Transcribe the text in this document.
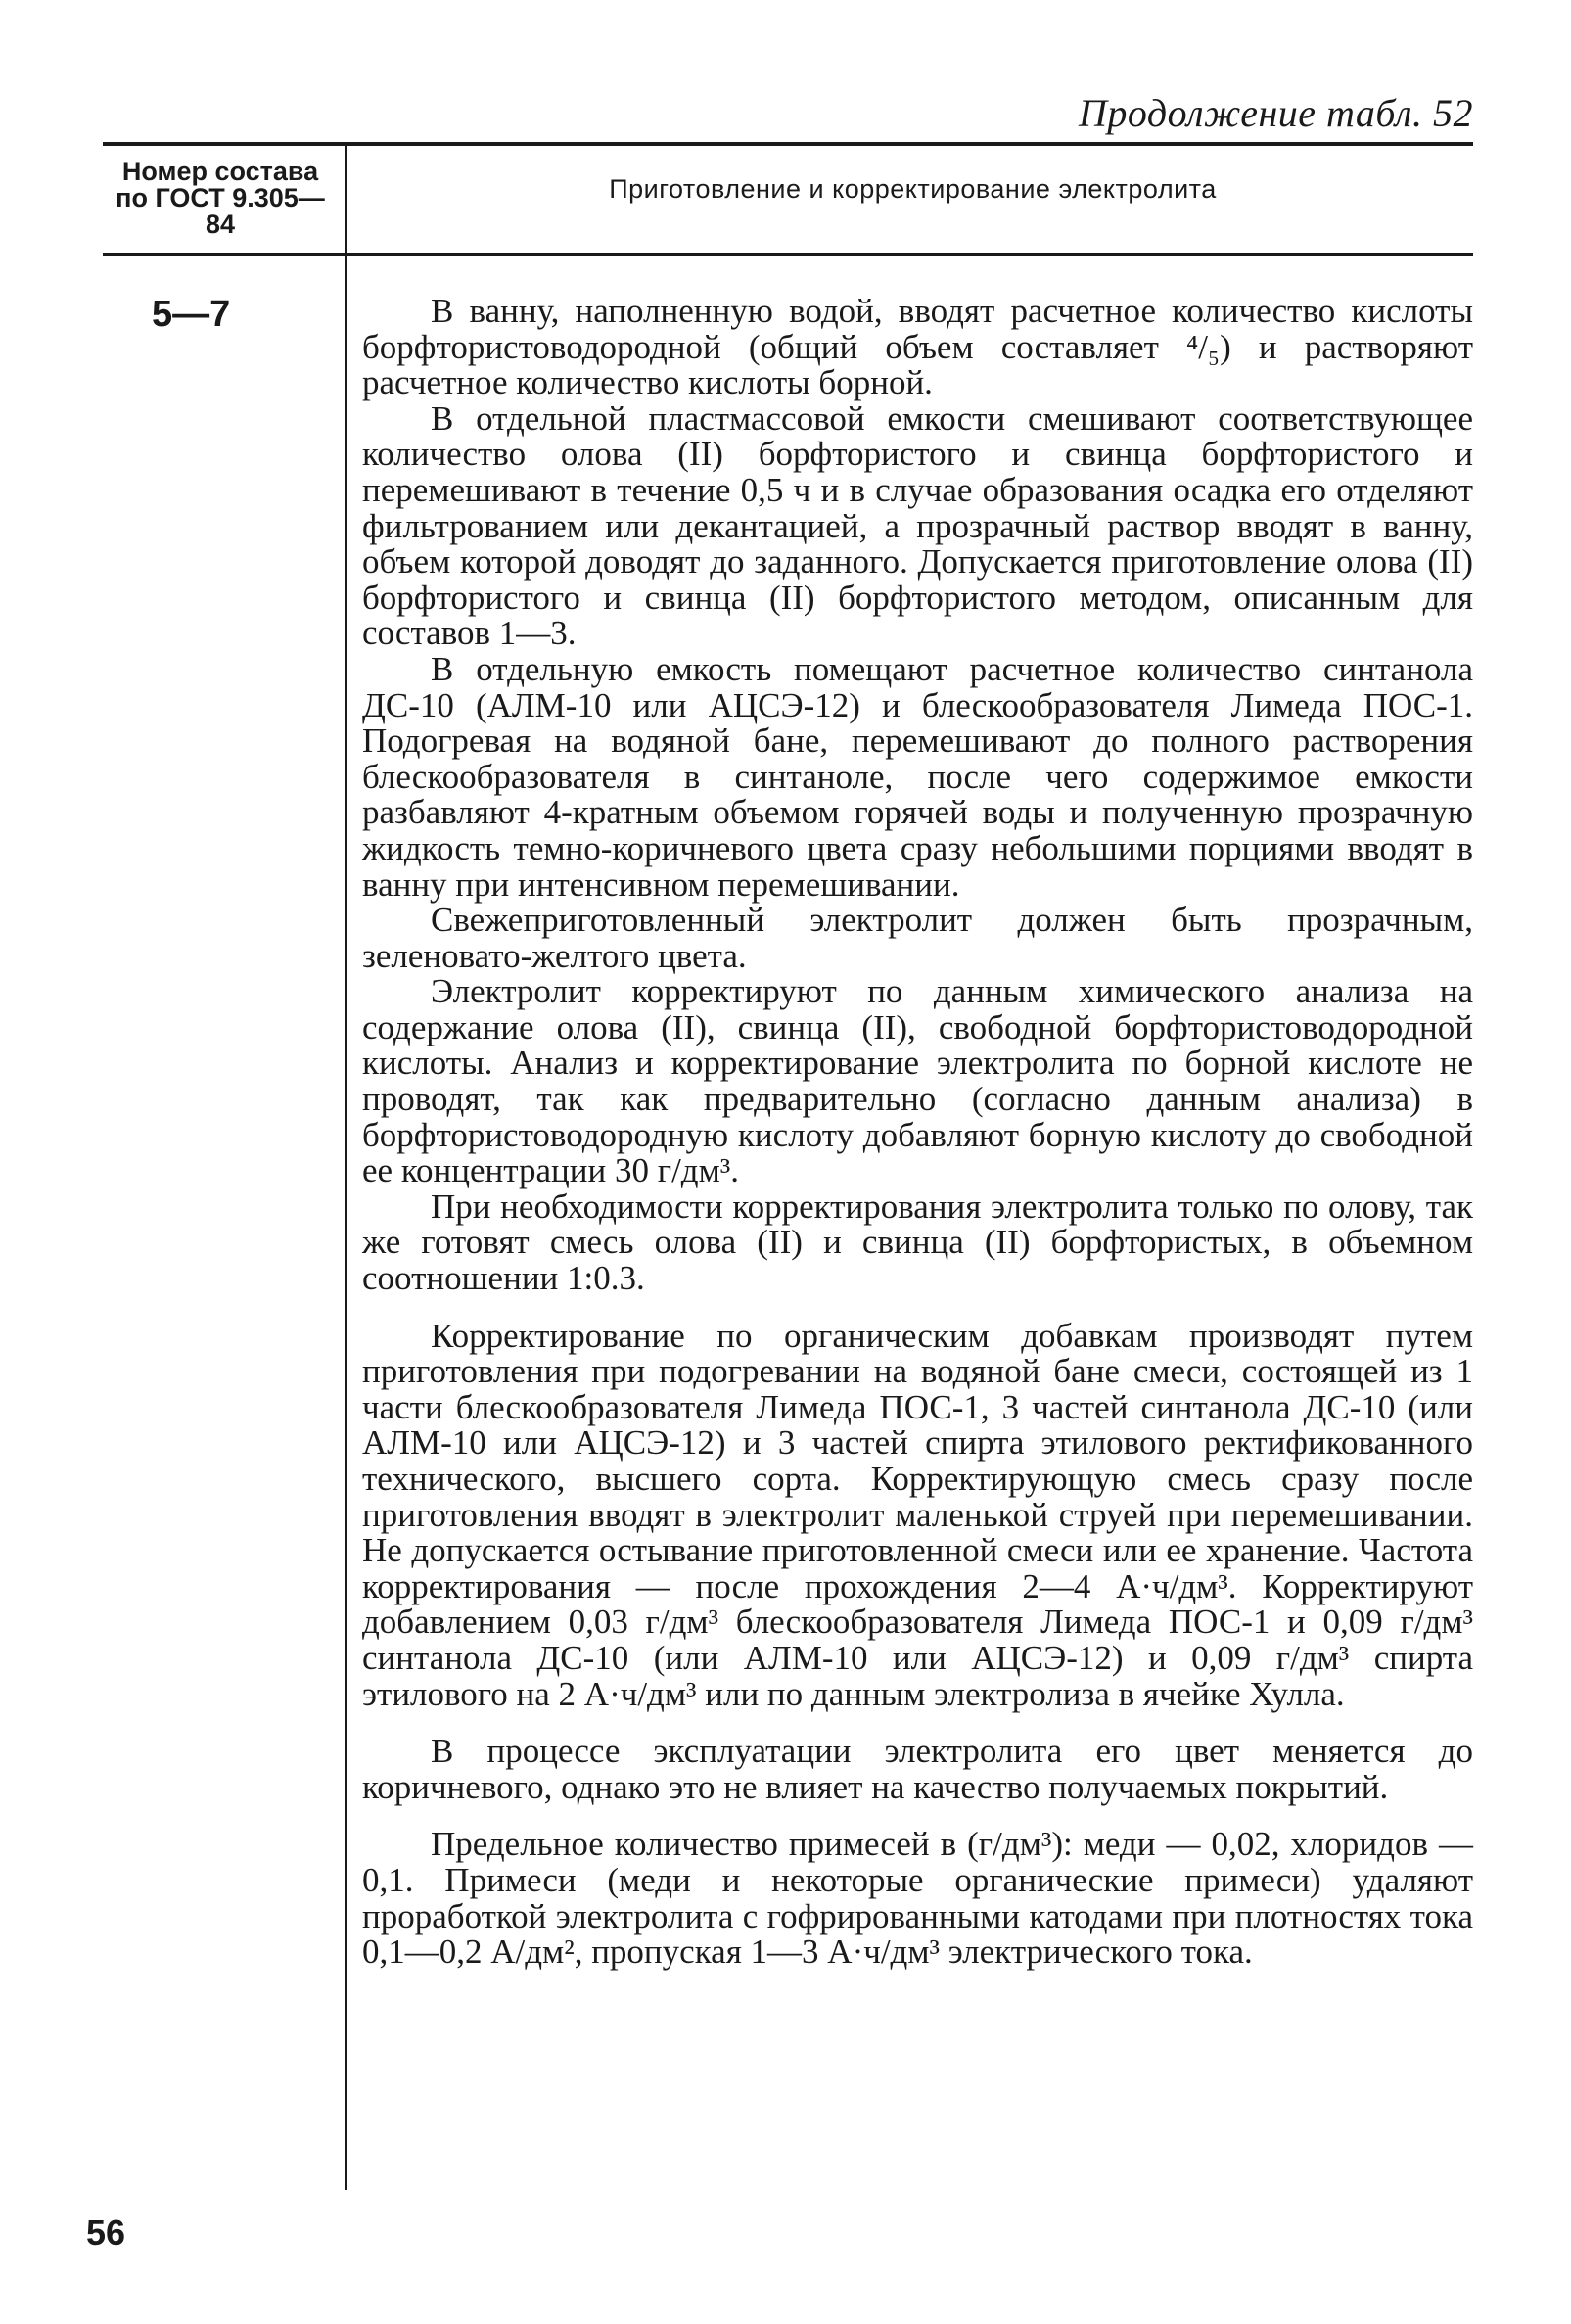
Продолжение табл. 52
Номер состава по ГОСТ 9.305—84
Приготовление и корректирование электролита
5—7	В ванну, наполненную водой, вводят расчетное количество кислоты борфтористоводородной (общий объем составляет ⁴/₅) и растворяют расчетное количество кислоты борной.

В отдельной пластмассовой емкости смешивают соответствующее количество олова (II) борфтористого и свинца борфтористого и перемешивают в течение 0,5 ч и в случае образования осадка его отделяют фильтрованием или декантацией, а прозрачный раствор вводят в ванну, объем которой доводят до заданного. Допускается приготовление олова (II) борфтористого и свинца (II) борфтористого методом, описанным для составов 1—3.

В отдельную емкость помещают расчетное количество синтанола ДС-10 (АЛМ-10 или АЦСЭ-12) и блескообразователя Лимеда ПОС-1. Подогревая на водяной бане, перемешивают до полного растворения блескообразователя в синтаноле, после чего содержимое емкости разбавляют 4-кратным объемом горячей воды и полученную прозрачную жидкость темно-коричневого цвета сразу небольшими порциями вводят в ванну при интенсивном перемешивании.

Свежеприготовленный электролит должен быть прозрачным, зеленовато-желтого цвета.

Электролит корректируют по данным химического анализа на содержание олова (II), свинца (II), свободной борфтористоводородной кислоты. Анализ и корректирование электролита по борной кислоте не проводят, так как предварительно (согласно данным анализа) в борфтористоводородную кислоту добавляют борную кислоту до свободной ее концентрации 30 г/дм³.

При необходимости корректирования электролита только по олову, так же готовят смесь олова (II) и свинца (II) борфтористых, в объемном соотношении 1:0.3.

Корректирование по органическим добавкам производят путем приготовления при подогревании на водяной бане смеси, состоящей из 1 части блескообразователя Лимеда ПОС-1, 3 частей синтанола ДС-10 (или АЛМ-10 или АЦСЭ-12) и 3 частей спирта этилового ректификованного технического, высшего сорта. Корректирующую смесь сразу после приготовления вводят в электролит маленькой струей при перемешивании. Не допускается остывание приготовленной смеси или ее хранение. Частота корректирования — после прохождения 2—4 А·ч/дм³. Корректируют добавлением 0,03 г/дм³ блескообразователя Лимеда ПОС-1 и 0,09 г/дм³ синтанола ДС-10 (или АЛМ-10 или АЦСЭ-12) и 0,09 г/дм³ спирта этилового на 2 А·ч/дм³ или по данным электролиза в ячейке Хулла.

В процессе эксплуатации электролита его цвет меняется до коричневого, однако это не влияет на качество получаемых покрытий.

Предельное количество примесей в (г/дм³): меди — 0,02, хлоридов — 0,1. Примеси (меди и некоторые органические примеси) удаляют проработкой электролита с гофрированными катодами при плотностях тока 0,1—0,2 А/дм², пропуская 1—3 А·ч/дм³ электрического тока.

56
